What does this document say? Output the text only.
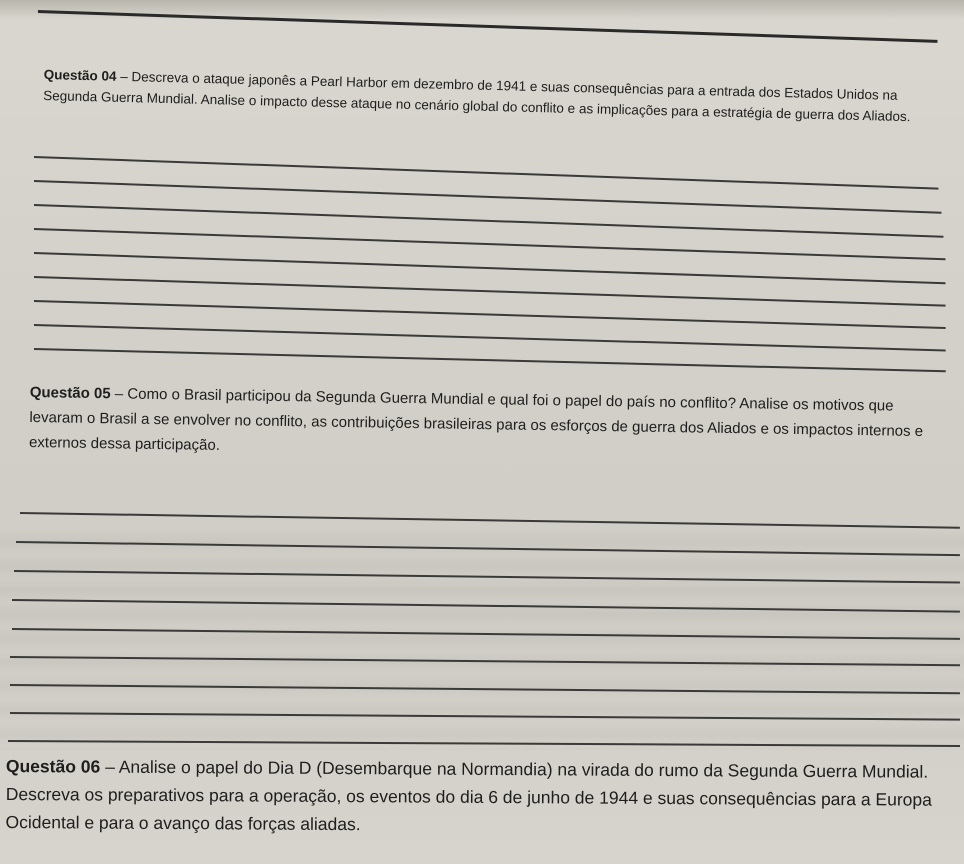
Questão 04 – Descreva o ataque japonês a Pearl Harbor em dezembro de 1941 e suas consequências para a entrada dos Estados Unidos na Segunda Guerra Mundial. Analise o impacto desse ataque no cenário global do conflito e as implicações para a estratégia de guerra dos Aliados.

Questão 05 – Como o Brasil participou da Segunda Guerra Mundial e qual foi o papel do país no conflito? Analise os motivos que levaram o Brasil a se envolver no conflito, as contribuições brasileiras para os esforços de guerra dos Aliados e os impactos internos e externos dessa participação.

Questão 06 – Analise o papel do Dia D (Desembarque na Normandia) na virada do rumo da Segunda Guerra Mundial. Descreva os preparativos para a operação, os eventos do dia 6 de junho de 1944 e suas consequências para a Europa Ocidental e para o avanço das forças aliadas.
